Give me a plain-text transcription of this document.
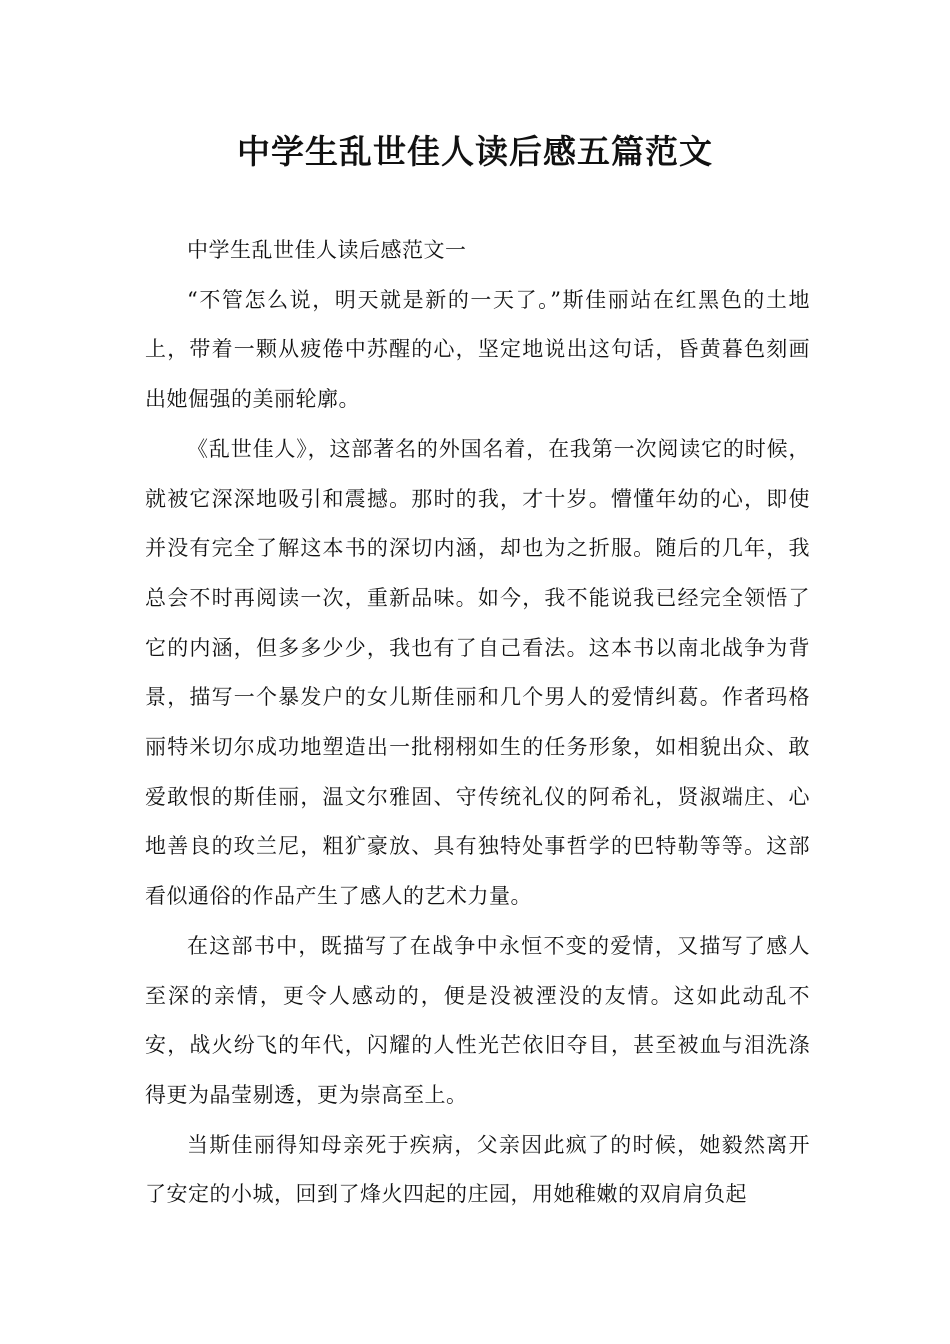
中学生乱世佳人读后感五篇范文

中学生乱世佳人读后感范文一

“不管怎么说，明天就是新的一天了。”斯佳丽站在红黑色的土地上，带着一颗从疲倦中苏醒的心，坚定地说出这句话，昏黄暮色刻画出她倔强的美丽轮廓。

《乱世佳人》，这部著名的外国名着，在我第一次阅读它的时候，就被它深深地吸引和震撼。那时的我，才十岁。懵懂年幼的心，即使并没有完全了解这本书的深切内涵，却也为之折服。随后的几年，我总会不时再阅读一次，重新品味。如今，我不能说我已经完全领悟了它的内涵，但多多少少，我也有了自己看法。这本书以南北战争为背景，描写一个暴发户的女儿斯佳丽和几个男人的爱情纠葛。作者玛格丽特米切尔成功地塑造出一批栩栩如生的任务形象，如相貌出众、敢爱敢恨的斯佳丽，温文尔雅固、守传统礼仪的阿希礼，贤淑端庄、心地善良的玫兰尼，粗犷豪放、具有独特处事哲学的巴特勒等等。这部看似通俗的作品产生了感人的艺术力量。

在这部书中，既描写了在战争中永恒不变的爱情，又描写了感人至深的亲情，更令人感动的，便是没被湮没的友情。这如此动乱不安，战火纷飞的年代，闪耀的人性光芒依旧夺目，甚至被血与泪洗涤得更为晶莹剔透，更为崇高至上。

当斯佳丽得知母亲死于疾病，父亲因此疯了的时候，她毅然离开了安定的小城，回到了烽火四起的庄园，用她稚嫩的双肩肩负起
